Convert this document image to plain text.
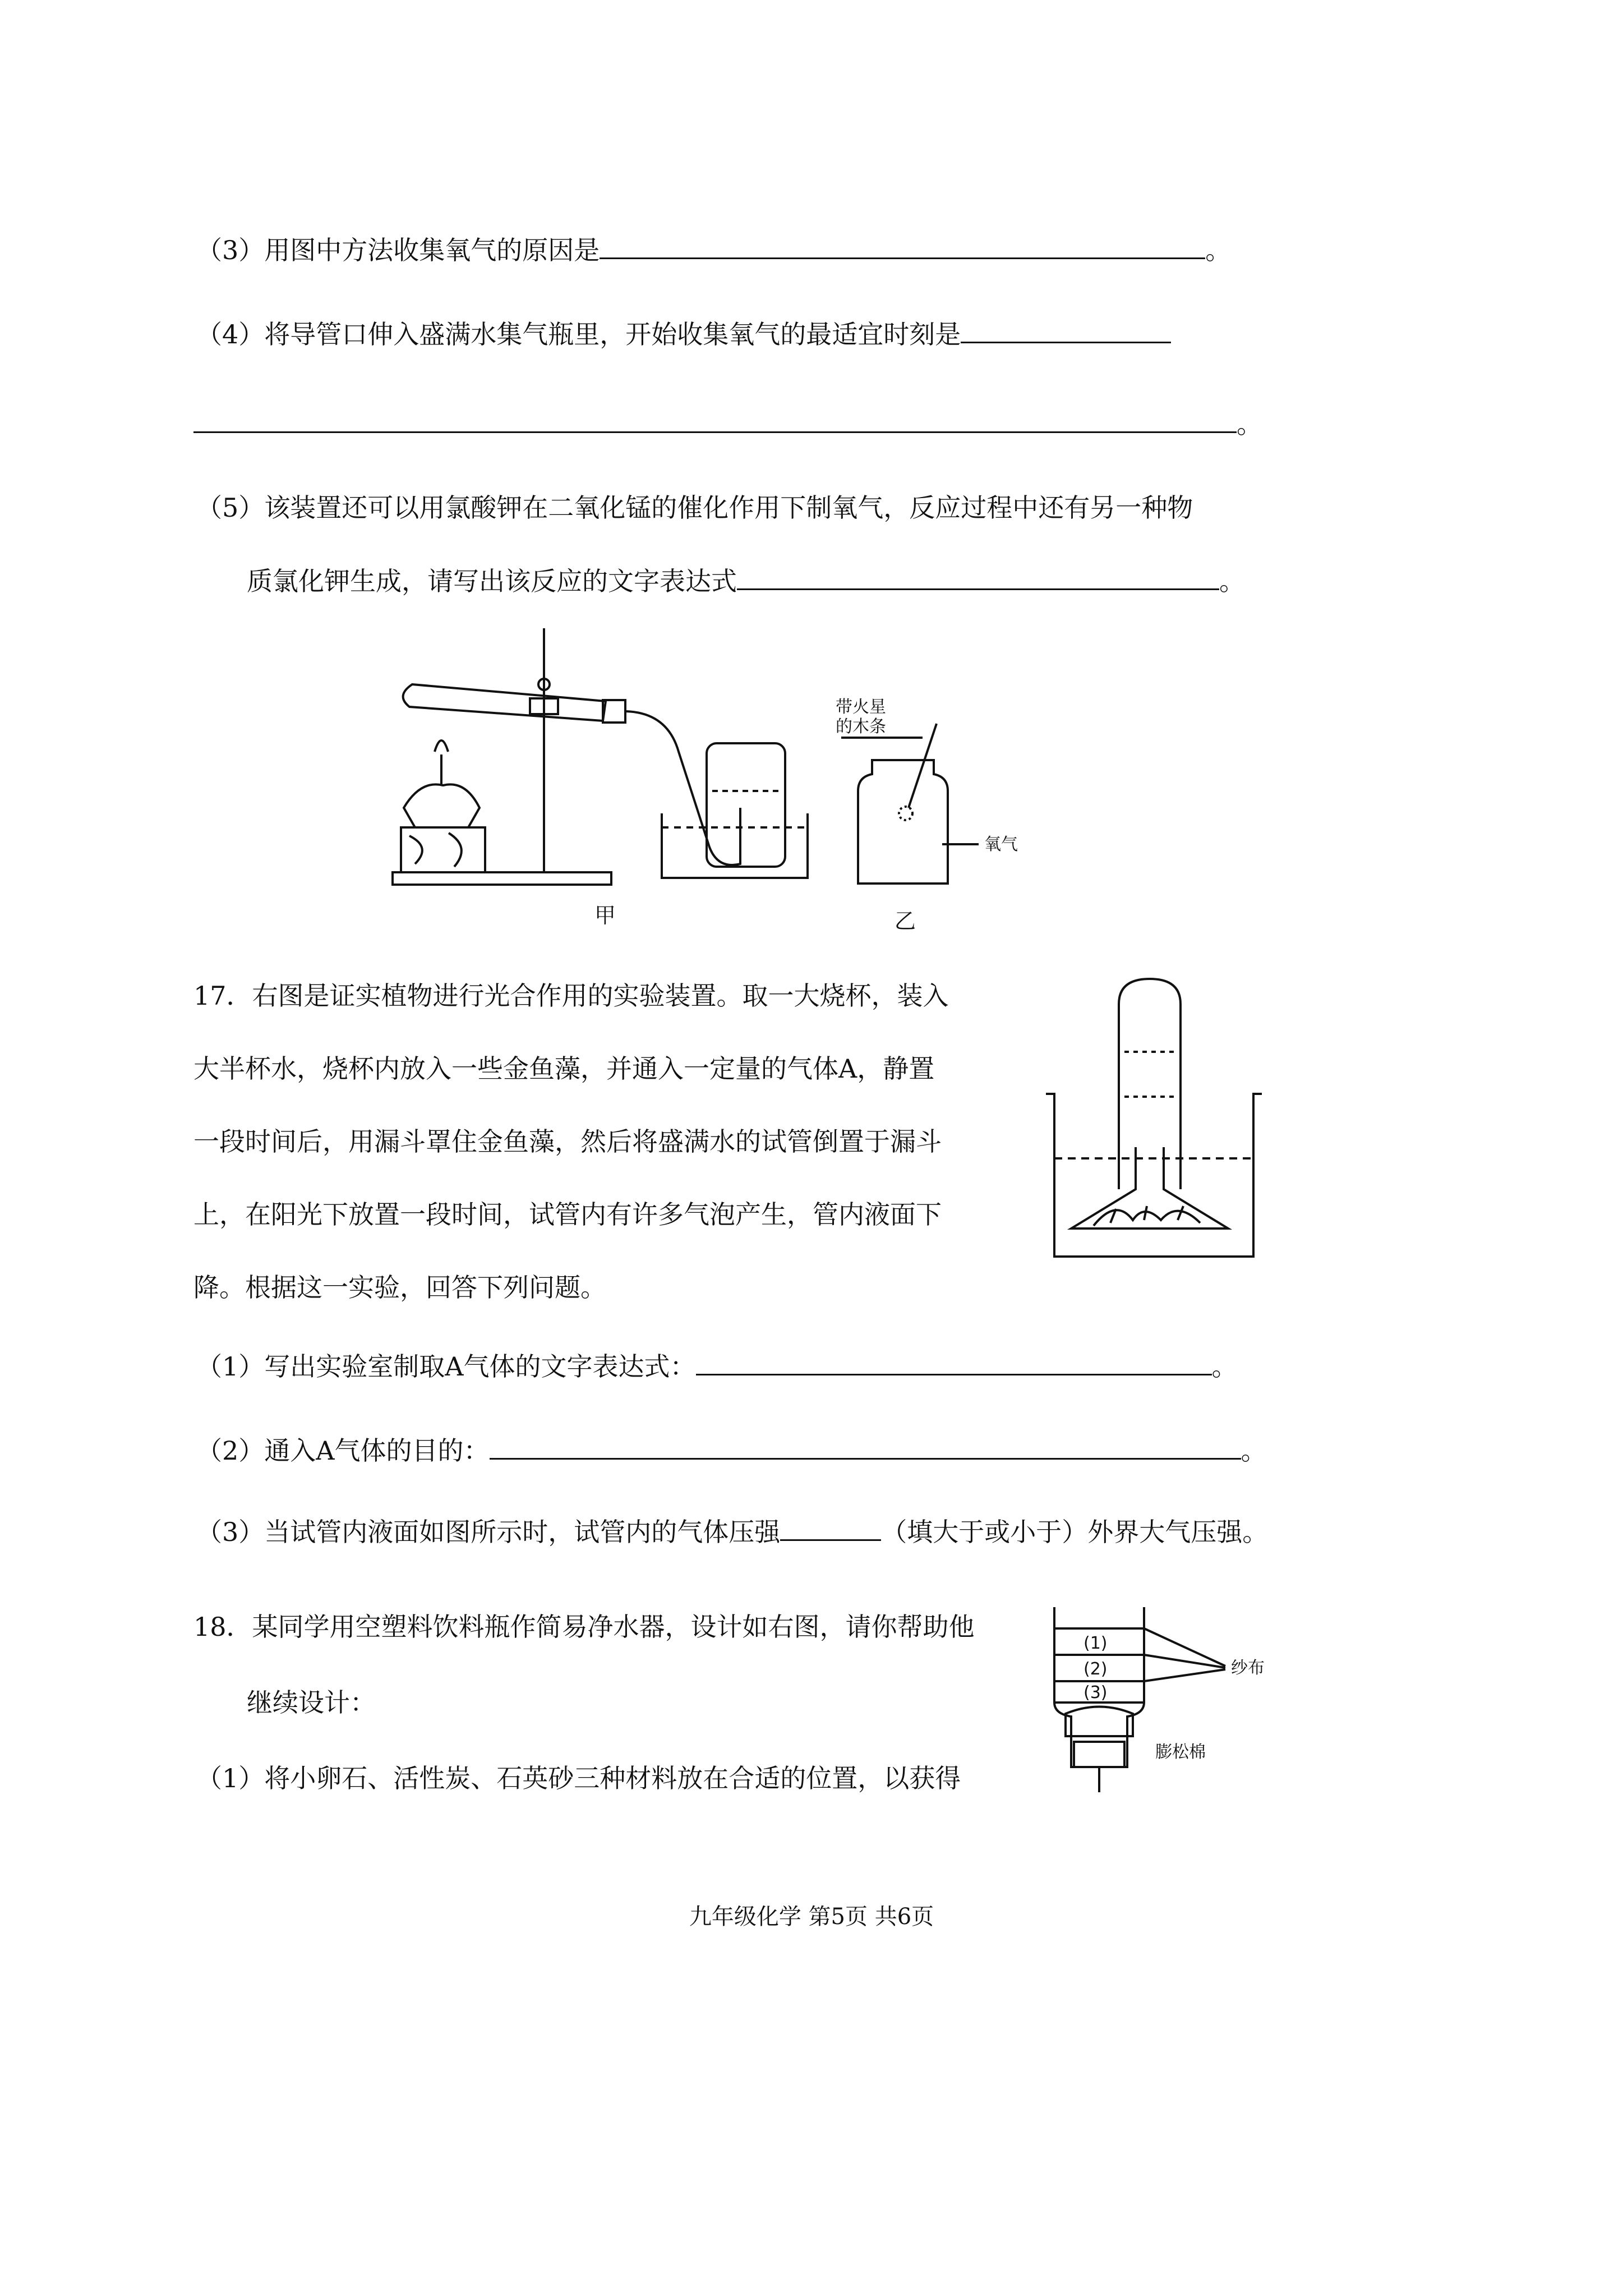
（3）用图中方法收集氧气的原因是	。
（4）将导管口伸入盛满水集气瓶里，开始收集氧气的最适宜时刻是
。
（5）该装置还可以用氯酸钾在二氧化锰的催化作用下制氧气，反应过程中还有另一种物
质氯化钾生成，请写出该反应的文字表达式	。
带火星
的木条
氧气
甲	乙
17．右图是证实植物进行光合作用的实验装置。取一大烧杯，装入
大半杯水，烧杯内放入一些金鱼藻，并通入一定量的气体A，静置
一段时间后，用漏斗罩住金鱼藻，然后将盛满水的试管倒置于漏斗
上，在阳光下放置一段时间，试管内有许多气泡产生，管内液面下
降。根据这一实验，回答下列问题。
（1）写出实验室制取A气体的文字表达式：	。
（2）通入A气体的目的：	。
（3）当试管内液面如图所示时，试管内的气体压强	（填大于或小于）外界大气压强。
18．某同学用空塑料饮料瓶作简易净水器，设计如右图，请你帮助他
继续设计：
（1）将小卵石、活性炭、石英砂三种材料放在合适的位置，以获得
(1)
(2)
(3)
纱布
膨松棉
九年级化学 第5页 共6页
